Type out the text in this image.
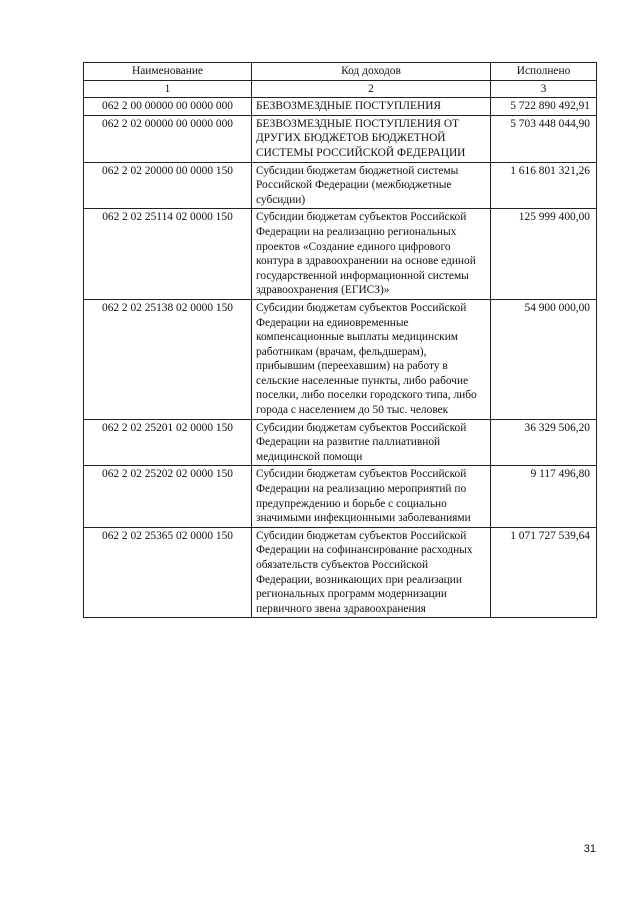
Наименование	Код доходов	Исполнено
1	2	3
062 2 00 00000 00 0000 000	БЕЗВОЗМЕЗДНЫЕ ПОСТУПЛЕНИЯ	5 722 890 492,91
062 2 02 00000 00 0000 000	БЕЗВОЗМЕЗДНЫЕ ПОСТУПЛЕНИЯ ОТ ДРУГИХ БЮДЖЕТОВ БЮДЖЕТНОЙ СИСТЕМЫ РОССИЙСКОЙ ФЕДЕРАЦИИ	5 703 448 044,90
062 2 02 20000 00 0000 150	Субсидии бюджетам бюджетной системы Российской Федерации (межбюджетные субсидии)	1 616 801 321,26
062 2 02 25114 02 0000 150	Субсидии бюджетам субъектов Российской Федерации на реализацию региональных проектов «Создание единого цифрового контура в здравоохранении на основе единой государственной информационной системы здравоохранения (ЕГИСЗ)»	125 999 400,00
062 2 02 25138 02 0000 150	Субсидии бюджетам субъектов Российской Федерации на единовременные компенсационные выплаты медицинским работникам (врачам, фельдшерам), прибывшим (переехавшим) на работу в сельские населенные пункты, либо рабочие поселки, либо поселки городского типа, либо города с населением до 50 тыс. человек	54 900 000,00
062 2 02 25201 02 0000 150	Субсидии бюджетам субъектов Российской Федерации на развитие паллиативной медицинской помощи	36 329 506,20
062 2 02 25202 02 0000 150	Субсидии бюджетам субъектов Российской Федерации на реализацию мероприятий по предупреждению и борьбе с социально значимыми инфекционными заболеваниями	9 117 496,80
062 2 02 25365 02 0000 150	Субсидии бюджетам субъектов Российской Федерации на софинансирование расходных обязательств субъектов Российской Федерации, возникающих при реализации региональных программ модернизации первичного звена здравоохранения	1 071 727 539,64
31
